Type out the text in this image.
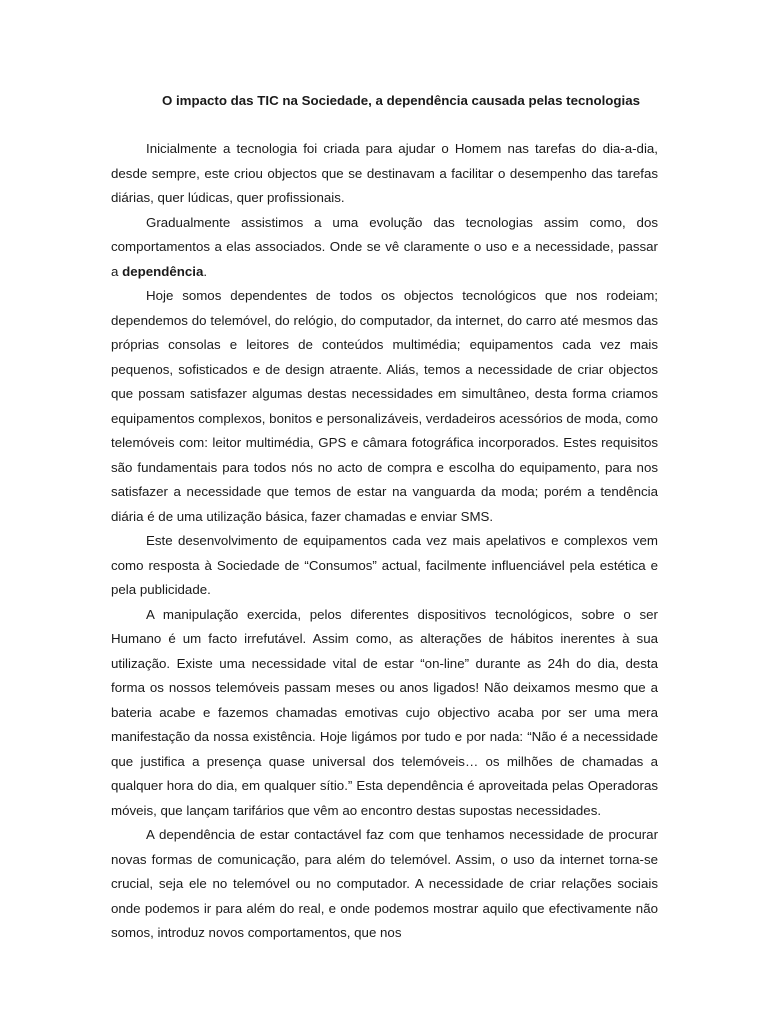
O impacto das TIC na Sociedade, a dependência causada pelas tecnologias

Inicialmente a tecnologia foi criada para ajudar o Homem nas tarefas do dia-a-dia, desde sempre, este criou objectos que se destinavam a facilitar o desempenho das tarefas diárias, quer lúdicas, quer profissionais.

Gradualmente assistimos a uma evolução das tecnologias assim como, dos comportamentos a elas associados. Onde se vê claramente o uso e a necessidade, passar a dependência.

Hoje somos dependentes de todos os objectos tecnológicos que nos rodeiam; dependemos do telemóvel, do relógio, do computador, da internet, do carro até mesmos das próprias consolas e leitores de conteúdos multimédia; equipamentos cada vez mais pequenos, sofisticados e de design atraente. Aliás, temos a necessidade de criar objectos que possam satisfazer algumas destas necessidades em simultâneo, desta forma criamos equipamentos complexos, bonitos e personalizáveis, verdadeiros acessórios de moda, como telemóveis com: leitor multimédia, GPS e câmara fotográfica incorporados. Estes requisitos são fundamentais para todos nós no acto de compra e escolha do equipamento, para nos satisfazer a necessidade que temos de estar na vanguarda da moda; porém a tendência diária é de uma utilização básica, fazer chamadas e enviar SMS.

Este desenvolvimento de equipamentos cada vez mais apelativos e complexos vem como resposta à Sociedade de “Consumos” actual, facilmente influenciável pela estética e pela publicidade.

A manipulação exercida, pelos diferentes dispositivos tecnológicos, sobre o ser Humano é um facto irrefutável. Assim como, as alterações de hábitos inerentes à sua utilização. Existe uma necessidade vital de estar “on-line” durante as 24h do dia, desta forma os nossos telemóveis passam meses ou anos ligados! Não deixamos mesmo que a bateria acabe e fazemos chamadas emotivas cujo objectivo acaba por ser uma mera manifestação da nossa existência. Hoje ligámos por tudo e por nada: “Não é a necessidade que justifica a presença quase universal dos telemóveis… os milhões de chamadas a qualquer hora do dia, em qualquer sítio.” Esta dependência é aproveitada pelas Operadoras móveis, que lançam tarifários que vêm ao encontro destas supostas necessidades.

A dependência de estar contactável faz com que tenhamos necessidade de procurar novas formas de comunicação, para além do telemóvel. Assim, o uso da internet torna-se crucial, seja ele no telemóvel ou no computador. A necessidade de criar relações sociais onde podemos ir para além do real, e onde podemos mostrar aquilo que efectivamente não somos, introduz novos comportamentos, que nos
